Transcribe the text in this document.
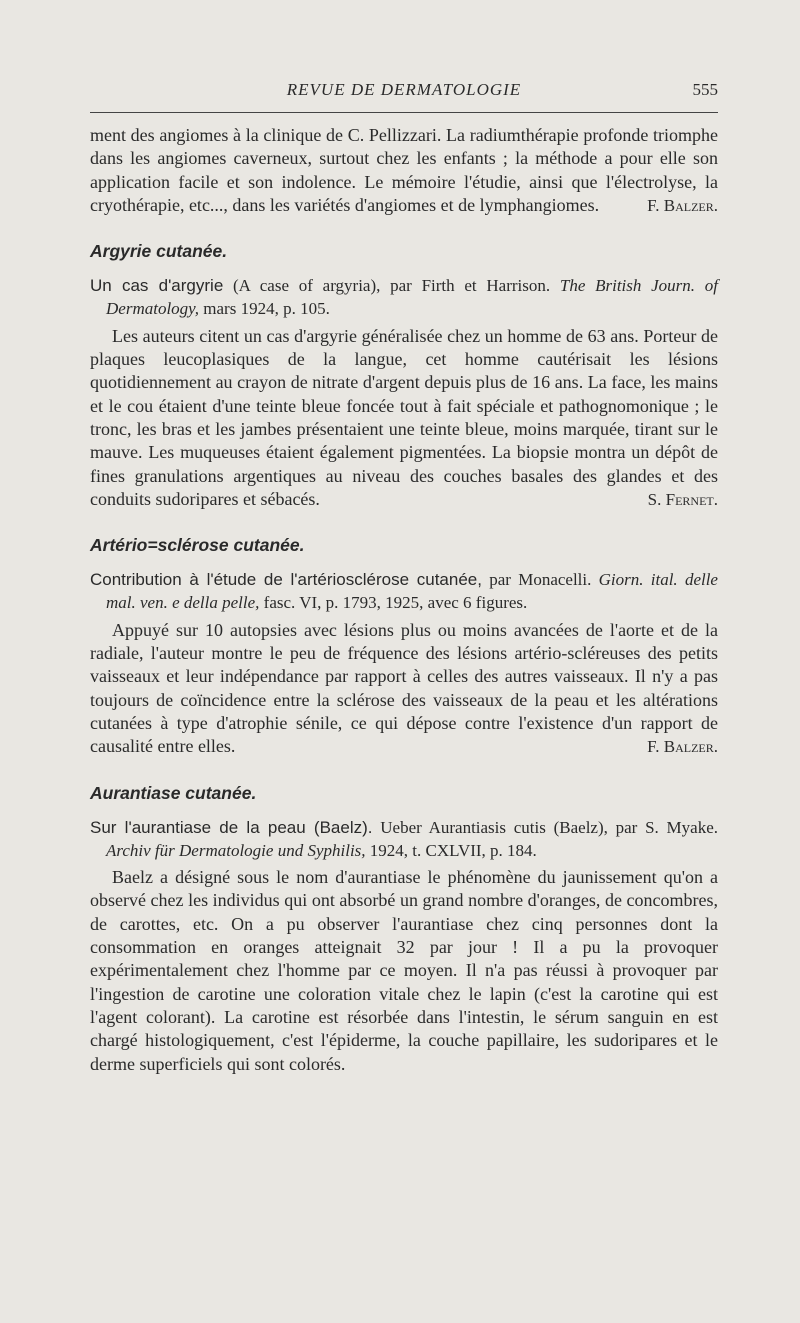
REVUE DE DERMATOLOGIE	555

ment des angiomes à la clinique de C. Pellizzari. La radiumthérapie profonde triomphe dans les angiomes caverneux, surtout chez les enfants ; la méthode a pour elle son application facile et son indolence. Le mémoire l'étudie, ainsi que l'électrolyse, la cryothérapie, etc..., dans les variétés d'angiomes et de lymphangiomes.	F. Balzer.

Argyrie cutanée.

Un cas d'argyrie (A case of argyria), par Firth et Harrison. The British Journ. of Dermatology, mars 1924, p. 105.

Les auteurs citent un cas d'argyrie généralisée chez un homme de 63 ans. Porteur de plaques leucoplasiques de la langue, cet homme cautérisait les lésions quotidiennement au crayon de nitrate d'argent depuis plus de 16 ans. La face, les mains et le cou étaient d'une teinte bleue foncée tout à fait spéciale et pathognomonique ; le tronc, les bras et les jambes présentaient une teinte bleue, moins marquée, tirant sur le mauve. Les muqueuses étaient également pigmentées. La biopsie montra un dépôt de fines granulations argentiques au niveau des couches basales des glandes et des conduits sudoripares et sébacés.	S. Fernet.

Artério=sclérose cutanée.

Contribution à l'étude de l'artériosclérose cutanée, par Monacelli. Giorn. ital. delle mal. ven. e della pelle, fasc. VI, p. 1793, 1925, avec 6 figures.

Appuyé sur 10 autopsies avec lésions plus ou moins avancées de l'aorte et de la radiale, l'auteur montre le peu de fréquence des lésions artério-scléreuses des petits vaisseaux et leur indépendance par rapport à celles des autres vaisseaux. Il n'y a pas toujours de coïncidence entre la sclérose des vaisseaux de la peau et les altérations cutanées à type d'atrophie sénile, ce qui dépose contre l'existence d'un rapport de causalité entre elles.	F. Balzer.

Aurantiase cutanée.

Sur l'aurantiase de la peau (Baelz). Ueber Aurantiasis cutis (Baelz), par S. Myake. Archiv für Dermatologie und Syphilis, 1924, t. CXLVII, p. 184.

Baelz a désigné sous le nom d'aurantiase le phénomène du jaunissement qu'on a observé chez les individus qui ont absorbé un grand nombre d'oranges, de concombres, de carottes, etc. On a pu observer l'aurantiase chez cinq personnes dont la consommation en oranges atteignait 32 par jour ! Il a pu la provoquer expérimentalement chez l'homme par ce moyen. Il n'a pas réussi à provoquer par l'ingestion de carotine une coloration vitale chez le lapin (c'est la carotine qui est l'agent colorant). La carotine est résorbée dans l'intestin, le sérum sanguin en est chargé histologiquement, c'est l'épiderme, la couche papillaire, les sudoripares et le derme superficiels qui sont colorés.
